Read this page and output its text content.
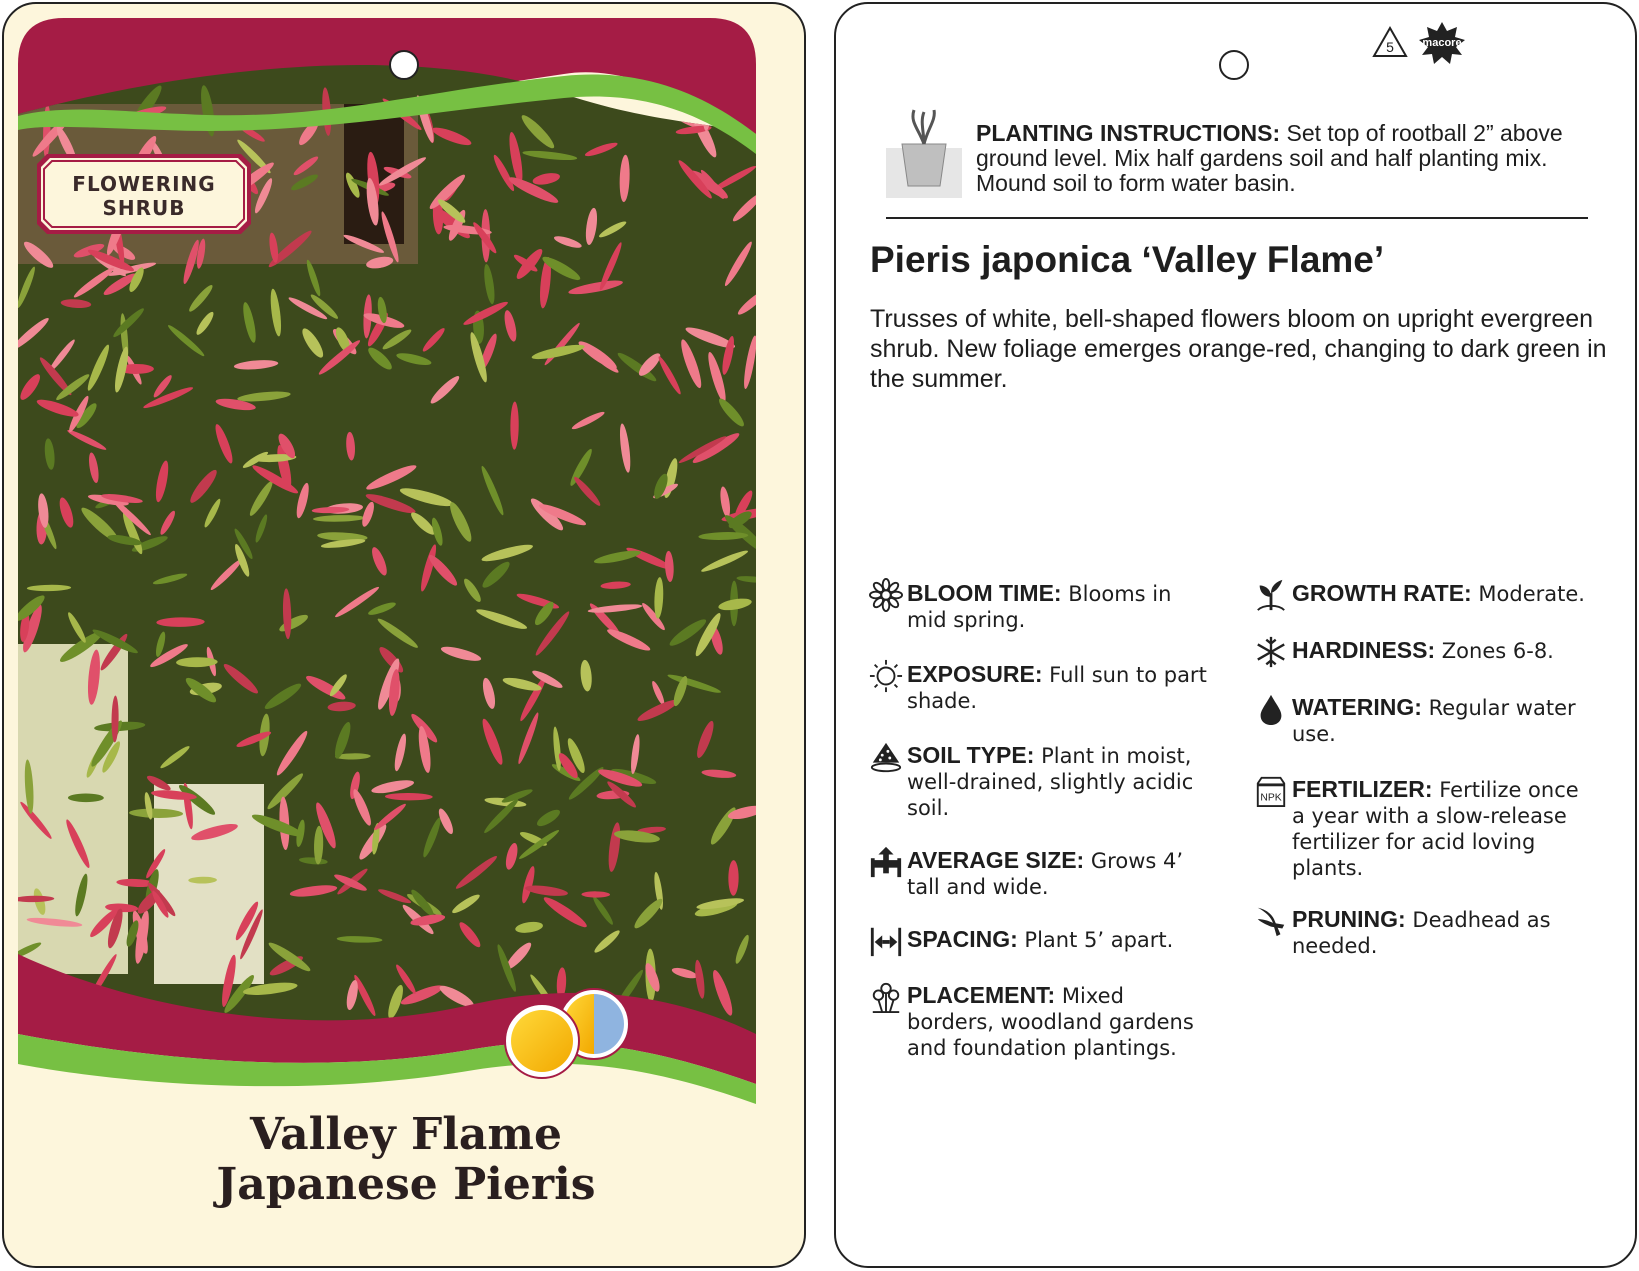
FLOWERING
SHRUB
Valley Flame
Japanese Pieris
5	macore
PLANTING INSTRUCTIONS: Set top of rootball 2” above ground level. Mix half gardens soil and half planting mix. Mound soil to form water basin.
Pieris japonica ‘Valley Flame’
Trusses of white, bell-shaped flowers bloom on upright evergreen shrub. New foliage emerges orange-red, changing to dark green in the summer.
BLOOM TIME: Blooms in mid spring.
EXPOSURE: Full sun to part shade.
SOIL TYPE: Plant in moist, well-drained, slightly acidic soil.
AVERAGE SIZE: Grows 4’ tall and wide.
SPACING: Plant 5’ apart.
PLACEMENT: Mixed borders, woodland gardens and foundation plantings.
GROWTH RATE: Moderate.
HARDINESS: Zones 6-8.
WATERING: Regular water use.
NPK FERTILIZER: Fertilize once a year with a slow-release fertilizer for acid loving plants.
PRUNING: Deadhead as needed.
